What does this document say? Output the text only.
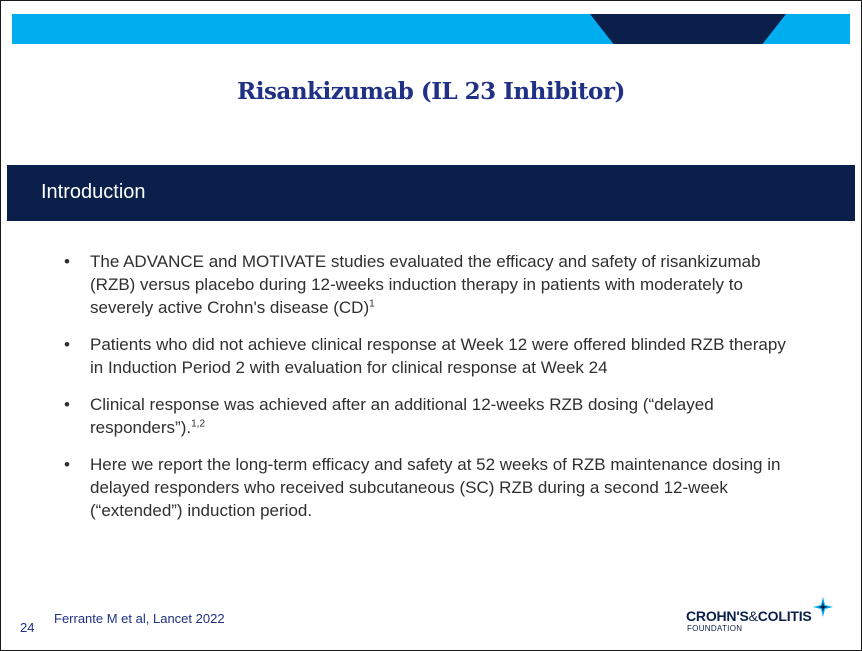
Risankizumab (IL 23 Inhibitor)
Introduction
• The ADVANCE and MOTIVATE studies evaluated the efficacy and safety of risankizumab (RZB) versus placebo during 12-weeks induction therapy in patients with moderately to severely active Crohn's disease (CD)$^1$
• Patients who did not achieve clinical response at Week 12 were offered blinded RZB therapy in Induction Period 2 with evaluation for clinical response at Week 24
• Clinical response was achieved after an additional 12-weeks RZB dosing (“delayed responders”).$^{1,2}$
• Here we report the long-term efficacy and safety at 52 weeks of RZB maintenance dosing in delayed responders who received subcutaneous (SC) RZB during a second 12-week (“extended”) induction period.
Ferrante M et al, Lancet 2022
24
CROHN'S&COLITIS
FOUNDATION
